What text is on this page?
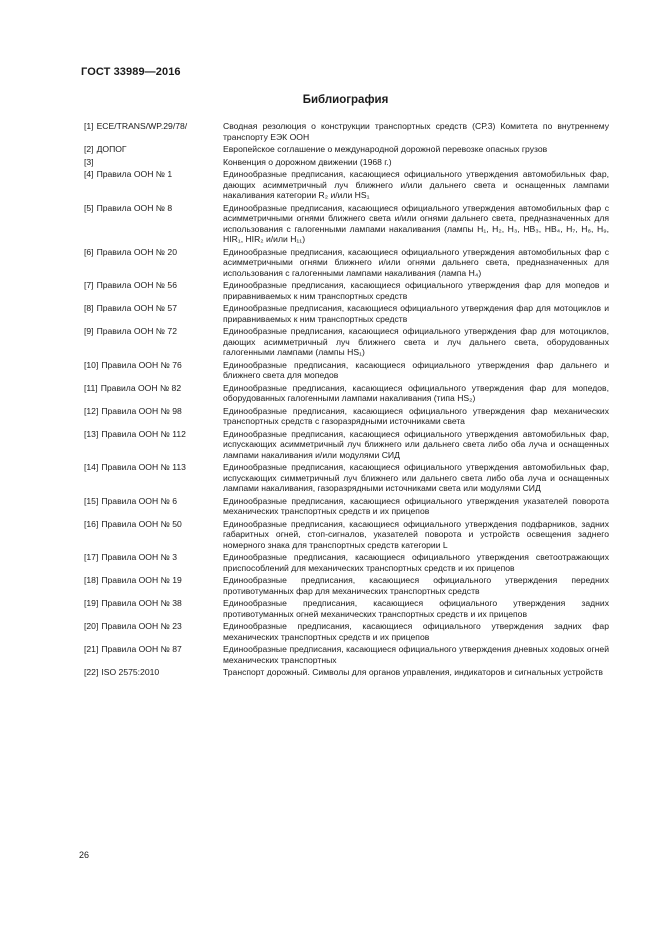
ГОСТ 33989—2016
Библиография
[1] ECE/TRANS/WP.29/78/	Сводная резолюция о конструкции транспортных средств (СР.3) Комитета по внутреннему транспорту ЕЭК ООН
[2] ДОПОГ	Европейское соглашение о международной дорожной перевозке опасных грузов
[3]	Конвенция о дорожном движении (1968 г.)
[4] Правила ООН № 1	Единообразные предписания, касающиеся официального утверждения автомобильных фар, дающих асимметричный луч ближнего и/или дальнего света и оснащенных лампами накаливания категории R₂ и/или HS₁
[5] Правила ООН № 8	Единообразные предписания, касающиеся официального утверждения автомобильных фар с асимметричными огнями ближнего света и/или огнями дальнего света, предназначенных для использования с галогенными лампами накаливания (лампы H₁, H₂, H₃, HB₃, HB₄, H₇, H₈, H₉, HIR₁, HIR₂ и/или H₁₁)
[6] Правила ООН № 20	Единообразные предписания, касающиеся официального утверждения автомобильных фар с асимметричными огнями ближнего и/или огнями дальнего света, предназначенных для использования с галогенными лампами накаливания (лампа H₄)
[7] Правила ООН № 56	Единообразные предписания, касающиеся официального утверждения фар для мопедов и приравниваемых к ним транспортных средств
[8] Правила ООН № 57	Единообразные предписания, касающиеся официального утверждения фар для мотоциклов и приравниваемых к ним транспортных средств
[9] Правила ООН № 72	Единообразные предписания, касающиеся официального утверждения фар для мотоциклов, дающих асимметричный луч ближнего света и луч дальнего света, оборудованных галогенными лампами (лампы HS₁)
[10] Правила ООН № 76	Единообразные предписания, касающиеся официального утверждения фар дальнего и ближнего света для мопедов
[11] Правила ООН № 82	Единообразные предписания, касающиеся официального утверждения фар для мопедов, оборудованных галогенными лампами накаливания (типа HS₂)
[12] Правила ООН № 98	Единообразные предписания, касающиеся официального утверждения фар механических транспортных средств с газоразрядными источниками света
[13] Правила ООН № 112	Единообразные предписания, касающиеся официального утверждения автомобильных фар, испускающих асимметричный луч ближнего или дальнего света либо оба луча и оснащенных лампами накаливания и/или модулями СИД
[14] Правила ООН № 113	Единообразные предписания, касающиеся официального утверждения автомобильных фар, испускающих симметричный луч ближнего или дальнего света либо оба луча и оснащенных лампами накаливания, газоразрядными источниками света или модулями СИД
[15] Правила ООН № 6	Единообразные предписания, касающиеся официального утверждения указателей поворота механических транспортных средств и их прицепов
[16] Правила ООН № 50	Единообразные предписания, касающиеся официального утверждения подфарников, задних габаритных огней, стоп-сигналов, указателей поворота и устройств освещения заднего номерного знака для транспортных средств категории L
[17] Правила ООН № 3	Единообразные предписания, касающиеся официального утверждения светоотражающих приспособлений для механических транспортных средств и их прицепов
[18] Правила ООН № 19	Единообразные предписания, касающиеся официального утверждения передних противотуманных фар для механических транспортных средств
[19] Правила ООН № 38	Единообразные предписания, касающиеся официального утверждения задних противотуманных огней механических транспортных средств и их прицепов
[20] Правила ООН № 23	Единообразные предписания, касающиеся официального утверждения задних фар механических транспортных средств и их прицепов
[21] Правила ООН № 87	Единообразные предписания, касающиеся официального утверждения дневных ходовых огней механических транспортных
[22] ISO 2575:2010	Транспорт дорожный. Символы для органов управления, индикаторов и сигнальных устройств
26
